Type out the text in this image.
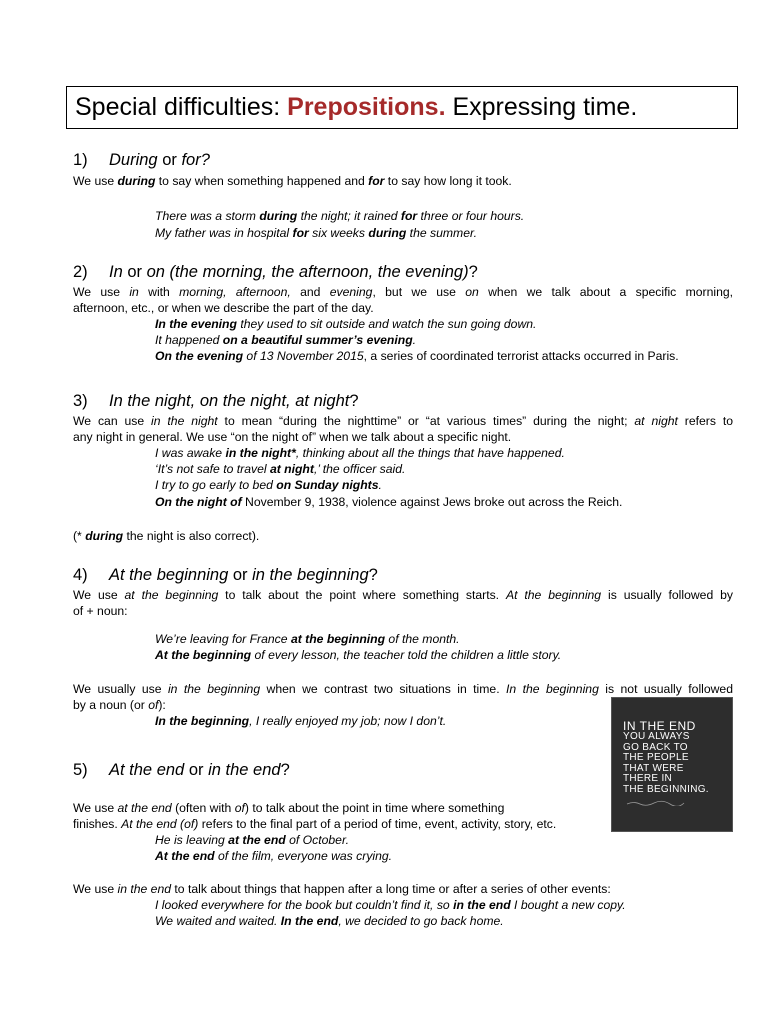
Special difficulties: Prepositions. Expressing time.
1) During or for?
We use during to say when something happened and for to say how long it took.
There was a storm during the night; it rained for three or four hours.
My father was in hospital for six weeks during the summer.
2) In or on (the morning, the afternoon, the evening)?
We use in with morning, afternoon, and evening, but we use on when we talk about a specific morning,
afternoon, etc., or when we describe the part of the day.
In the evening they used to sit outside and watch the sun going down.
It happened on a beautiful summer’s evening.
On the evening of 13 November 2015, a series of coordinated terrorist attacks occurred in Paris.
3) In the night, on the night, at night?
We can use in the night to mean “during the nighttime” or “at various times” during the night; at night refers to
any night in general. We use “on the night of” when we talk about a specific night.
I was awake in the night*, thinking about all the things that have happened.
‘It’s not safe to travel at night,’ the officer said.
I try to go early to bed on Sunday nights.
On the night of November 9, 1938, violence against Jews broke out across the Reich.
(* during the night is also correct).
4) At the beginning or in the beginning?
We use at the beginning to talk about the point where something starts. At the beginning is usually followed by
of + noun:
We’re leaving for France at the beginning of the month.
At the beginning of every lesson, the teacher told the children a little story.
We usually use in the beginning when we contrast two situations in time. In the beginning is not usually followed
by a noun (or of):
In the beginning, I really enjoyed my job; now I don’t.	IN THE END
YOU ALWAYS
GO BACK TO
THE PEOPLE
THAT WERE
THERE IN
THE BEGINNING.
5) At the end or in the end?
We use at the end (often with of) to talk about the point in time where something
finishes. At the end (of) refers to the final part of a period of time, event, activity, story, etc.
He is leaving at the end of October.
At the end of the film, everyone was crying.
We use in the end to talk about things that happen after a long time or after a series of other events:
I looked everywhere for the book but couldn’t find it, so in the end I bought a new copy.
We waited and waited. In the end, we decided to go back home.
